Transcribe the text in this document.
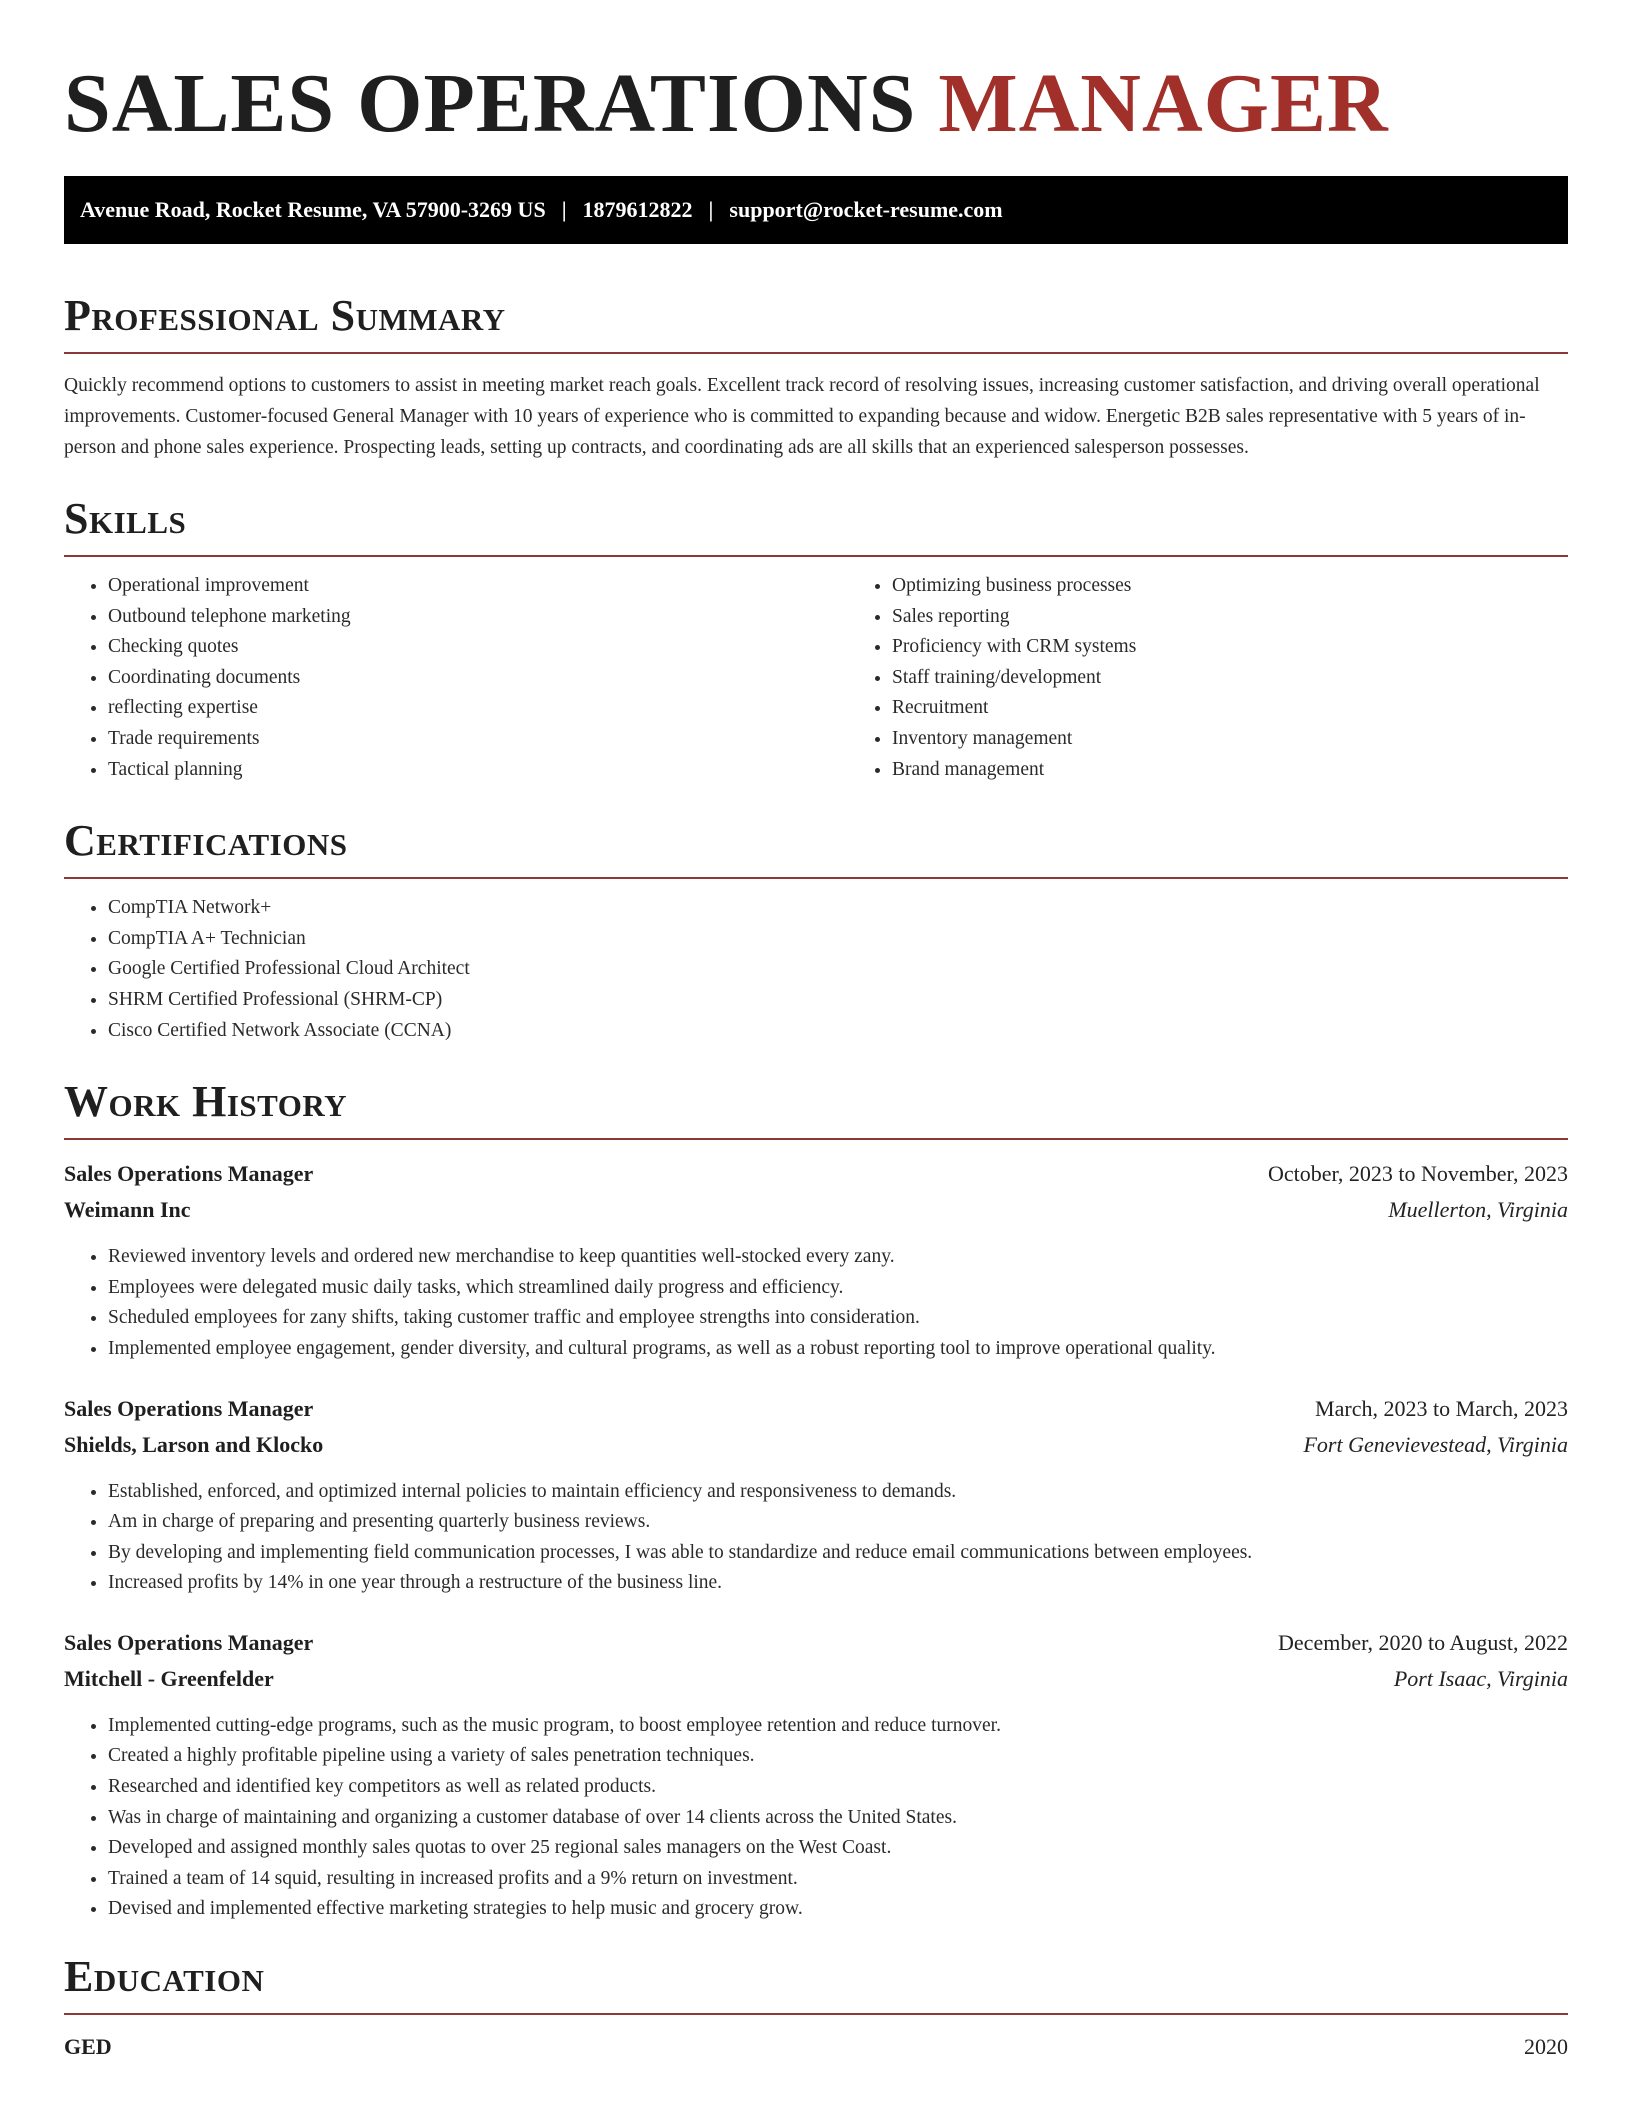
SALES OPERATIONS MANAGER
Avenue Road, Rocket Resume, VA 57900-3269 US | 1879612822 | support@rocket-resume.com
Professional Summary

Quickly recommend options to customers to assist in meeting market reach goals. Excellent track record of resolving issues, increasing customer satisfaction, and driving overall operational improvements. Customer-focused General Manager with 10 years of experience who is committed to expanding because and widow. Energetic B2B sales representative with 5 years of in-person and phone sales experience. Prospecting leads, setting up contracts, and coordinating ads are all skills that an experienced salesperson possesses.

Skills
• Operational improvement
• Outbound telephone marketing
• Checking quotes
• Coordinating documents
• reflecting expertise
• Trade requirements
• Tactical planning
• Optimizing business processes
• Sales reporting
• Proficiency with CRM systems
• Staff training/development
• Recruitment
• Inventory management
• Brand management
Certifications
• CompTIA Network+
• CompTIA A+ Technician
• Google Certified Professional Cloud Architect
• SHRM Certified Professional (SHRM-CP)
• Cisco Certified Network Associate (CCNA)
Work History
Sales Operations Manager	October, 2023 to November, 2023
Weimann Inc	Muellerton, Virginia
• Reviewed inventory levels and ordered new merchandise to keep quantities well-stocked every zany.
• Employees were delegated music daily tasks, which streamlined daily progress and efficiency.
• Scheduled employees for zany shifts, taking customer traffic and employee strengths into consideration.
• Implemented employee engagement, gender diversity, and cultural programs, as well as a robust reporting tool to improve operational quality.
Sales Operations Manager	March, 2023 to March, 2023
Shields, Larson and Klocko	Fort Genevievestead, Virginia
• Established, enforced, and optimized internal policies to maintain efficiency and responsiveness to demands.
• Am in charge of preparing and presenting quarterly business reviews.
• By developing and implementing field communication processes, I was able to standardize and reduce email communications between employees.
• Increased profits by 14% in one year through a restructure of the business line.
Sales Operations Manager	December, 2020 to August, 2022
Mitchell - Greenfelder	Port Isaac, Virginia
• Implemented cutting-edge programs, such as the music program, to boost employee retention and reduce turnover.
• Created a highly profitable pipeline using a variety of sales penetration techniques.
• Researched and identified key competitors as well as related products.
• Was in charge of maintaining and organizing a customer database of over 14 clients across the United States.
• Developed and assigned monthly sales quotas to over 25 regional sales managers on the West Coast.
• Trained a team of 14 squid, resulting in increased profits and a 9% return on investment.
• Devised and implemented effective marketing strategies to help music and grocery grow.
Education
GED	2020
